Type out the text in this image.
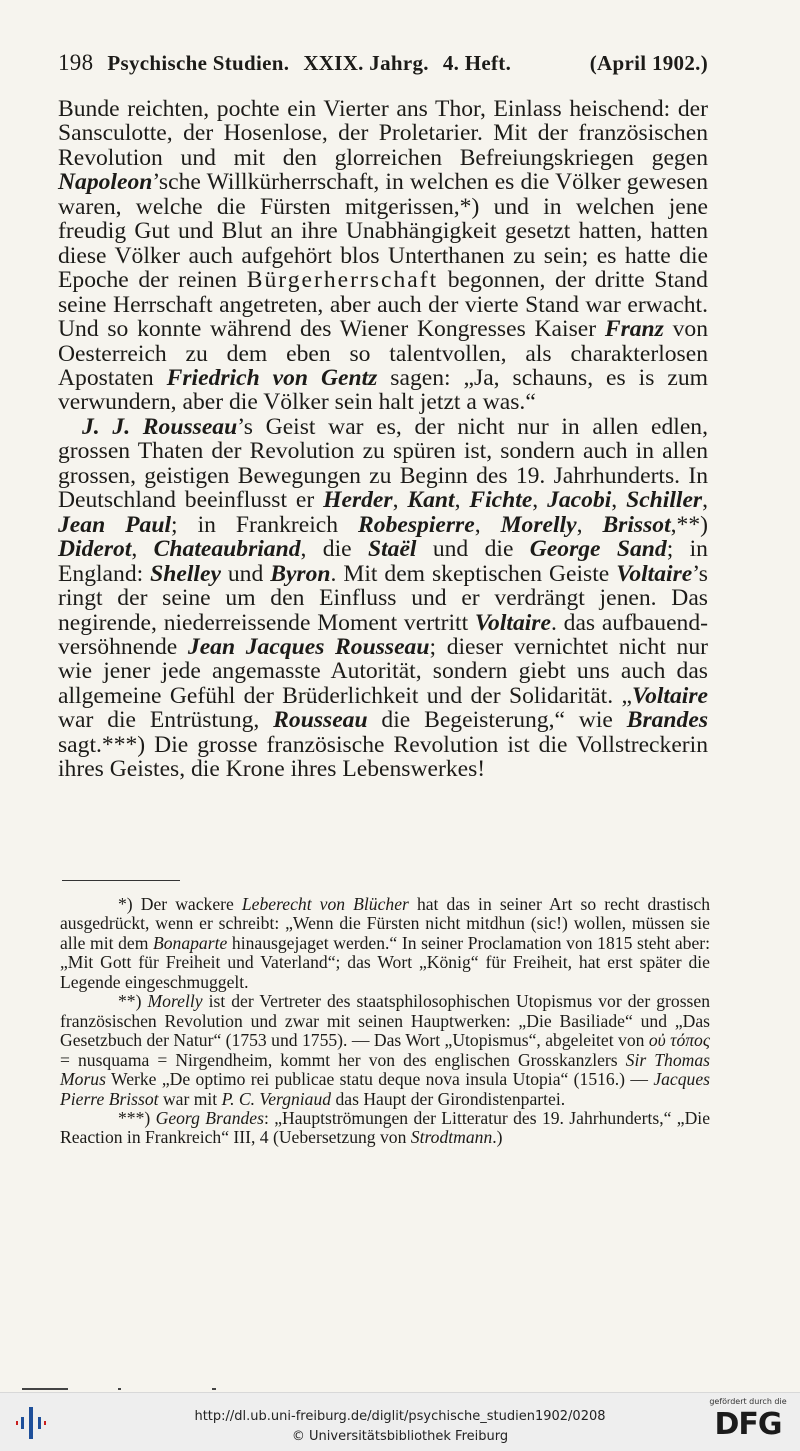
198 Psychische Studien. XXIX. Jahrg. 4. Heft.	(April 1902.)

Bunde reichten, pochte ein Vierter ans Thor, Einlass heischend: der Sansculotte, der Hosenlose, der Proletarier. Mit der französischen Revolution und mit den glorreichen Befreiungskriegen gegen Napoleon’sche Willkürherrschaft, in welchen es die Völker gewesen waren, welche die Fürsten mitgerissen,*) und in welchen jene freudig Gut und Blut an ihre Unabhängigkeit gesetzt hatten, hatten diese Völker auch aufgehört blos Unterthanen zu sein; es hatte die Epoche der reinen Bürgerherrschaft begonnen, der dritte Stand seine Herrschaft angetreten, aber auch der vierte Stand war erwacht. Und so konnte während des Wiener Kongresses Kaiser Franz von Oesterreich zu dem eben so talentvollen, als charakterlosen Apostaten Friedrich von Gentz sagen: „Ja, schauns, es is zum verwundern, aber die Völker sein halt jetzt a was.“

J. J. Rousseau’s Geist war es, der nicht nur in allen edlen, grossen Thaten der Revolution zu spüren ist, sondern auch in allen grossen, geistigen Bewegungen zu Beginn des 19. Jahrhunderts. In Deutschland beeinflusst er Herder, Kant, Fichte, Jacobi, Schiller, Jean Paul; in Frankreich Robespierre, Morelly, Brissot,**) Diderot, Chateaubriand, die Staël und die George Sand; in England: Shelley und Byron. Mit dem skeptischen Geiste Voltaire’s ringt der seine um den Einfluss und er verdrängt jenen. Das negirende, niederreissende Moment vertritt Voltaire. das aufbauend-versöhnende Jean Jacques Rousseau; dieser vernichtet nicht nur wie jener jede angemasste Autorität, sondern giebt uns auch das allgemeine Gefühl der Brüderlichkeit und der Solidarität. „Voltaire war die Entrüstung, Rousseau die Begeisterung,“ wie Brandes sagt.***) Die grosse französische Revolution ist die Vollstreckerin ihres Geistes, die Krone ihres Lebenswerkes!

*) Der wackere Leberecht von Blücher hat das in seiner Art so recht drastisch ausgedrückt, wenn er schreibt: „Wenn die Fürsten nicht mitdhun (sic!) wollen, müssen sie alle mit dem Bonaparte hinausgejaget werden.“ In seiner Proclamation von 1815 steht aber: „Mit Gott für Freiheit und Vaterland“; das Wort „König“ für Freiheit, hat erst später die Legende eingeschmuggelt.

**) Morelly ist der Vertreter des staatsphilosophischen Utopismus vor der grossen französischen Revolution und zwar mit seinen Hauptwerken: „Die Basiliade“ und „Das Gesetzbuch der Natur“ (1753 und 1755). — Das Wort „Utopismus“, abgeleitet von οὐ τόπος = nusquama = Nirgendheim, kommt her von des englischen Grosskanzlers Sir Thomas Morus Werke „De optimo rei publicae statu deque nova insula Utopia“ (1516.) — Jacques Pierre Brissot war mit P. C. Vergniaud das Haupt der Girondistenpartei.

***) Georg Brandes: „Hauptströmungen der Litteratur des 19. Jahrhunderts,“ „Die Reaction in Frankreich“ III, 4 (Uebersetzung von Strodtmann.)

http://dl.ub.uni-freiburg.de/diglit/psychische_studien1902/0208
© Universitätsbibliothek Freiburg
gefördert durch die
DFG
